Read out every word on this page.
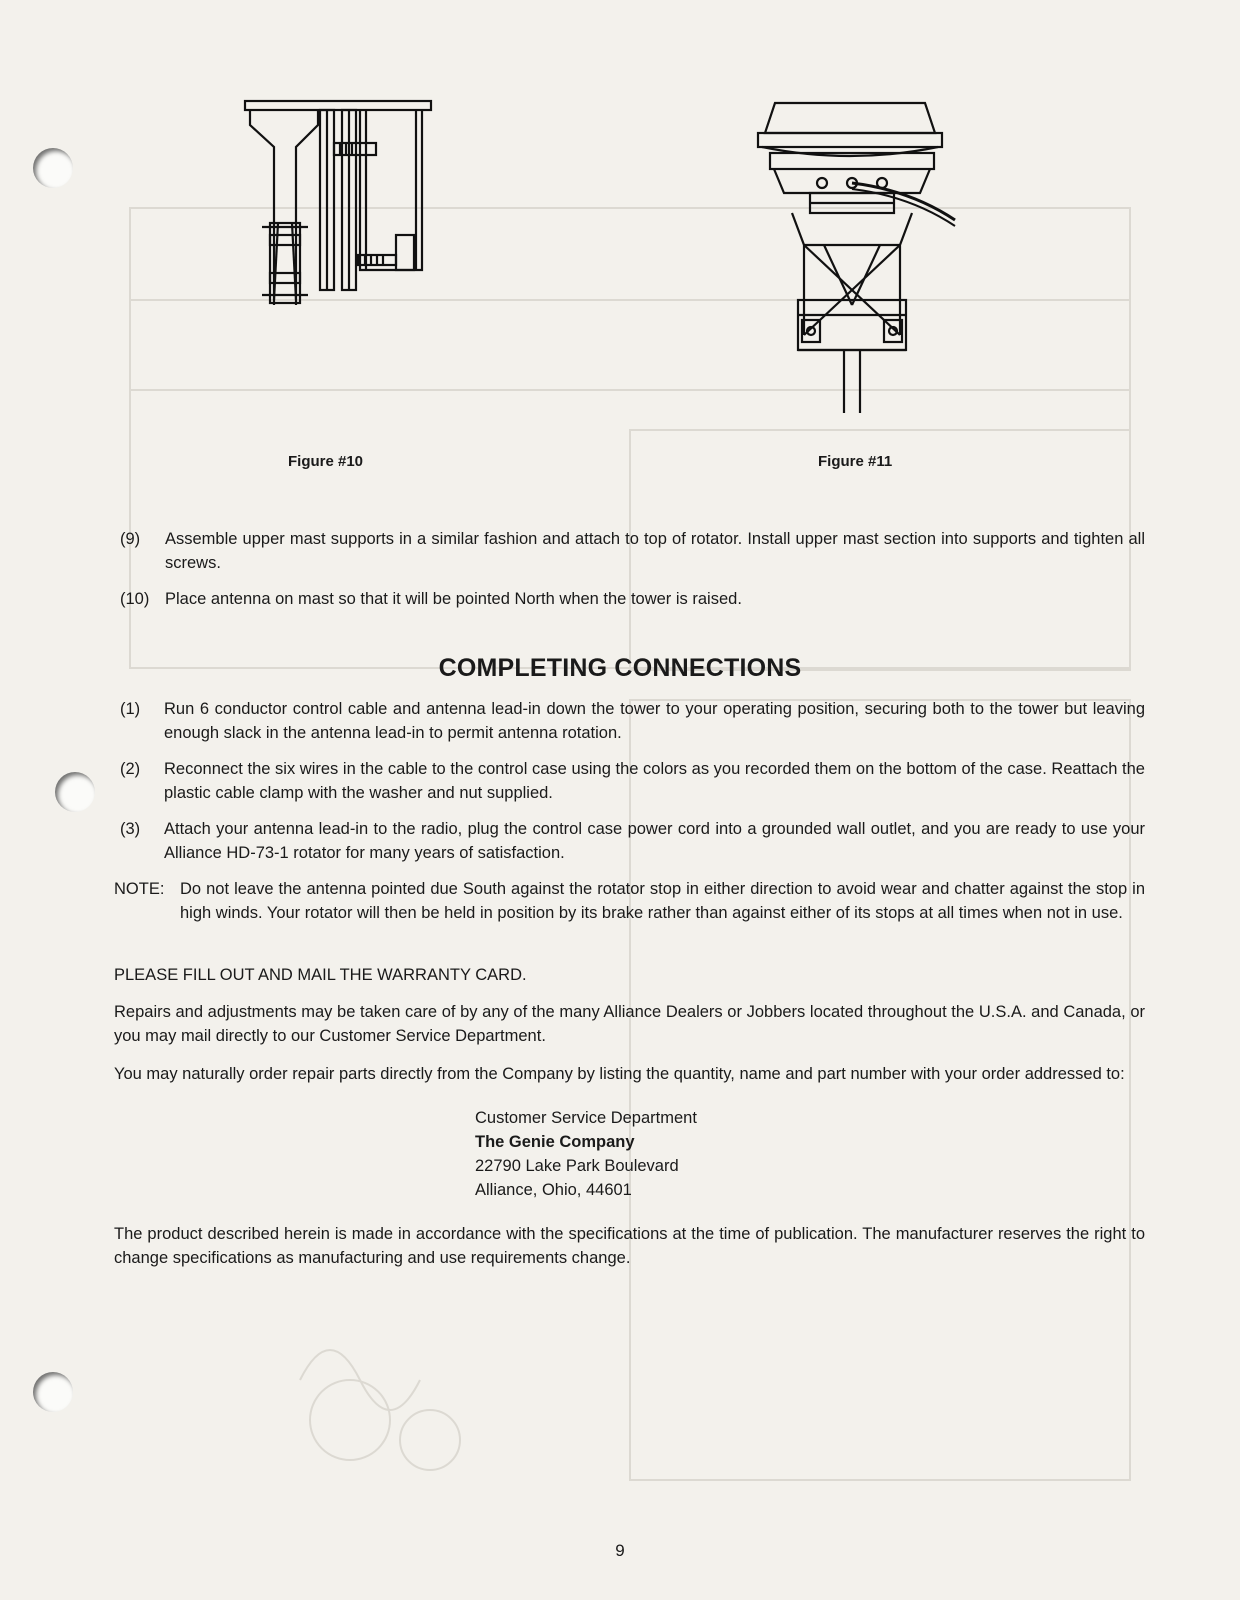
Figure #10	Figure #11
(9) Assemble upper mast supports in a similar fashion and attach to top of rotator. Install upper mast section into supports and tighten all screws.
(10) Place antenna on mast so that it will be pointed North when the tower is raised.
COMPLETING CONNECTIONS
(1) Run 6 conductor control cable and antenna lead-in down the tower to your operating position, securing both to the tower but leaving enough slack in the antenna lead-in to permit antenna rotation.
(2) Reconnect the six wires in the cable to the control case using the colors as you recorded them on the bottom of the case. Reattach the plastic cable clamp with the washer and nut supplied.
(3) Attach your antenna lead-in to the radio, plug the control case power cord into a grounded wall outlet, and you are ready to use your Alliance HD-73-1 rotator for many years of satisfaction.
NOTE: Do not leave the antenna pointed due South against the rotator stop in either direction to avoid wear and chatter against the stop in high winds. Your rotator will then be held in position by its brake rather than against either of its stops at all times when not in use.
PLEASE FILL OUT AND MAIL THE WARRANTY CARD.
Repairs and adjustments may be taken care of by any of the many Alliance Dealers or Jobbers located throughout the U.S.A. and Canada, or you may mail directly to our Customer Service Department.
You may naturally order repair parts directly from the Company by listing the quantity, name and part number with your order addressed to:
Customer Service Department
The Genie Company
22790 Lake Park Boulevard
Alliance, Ohio, 44601
The product described herein is made in accordance with the specifications at the time of publication. The manufacturer reserves the right to change specifications as manufacturing and use requirements change.
9
